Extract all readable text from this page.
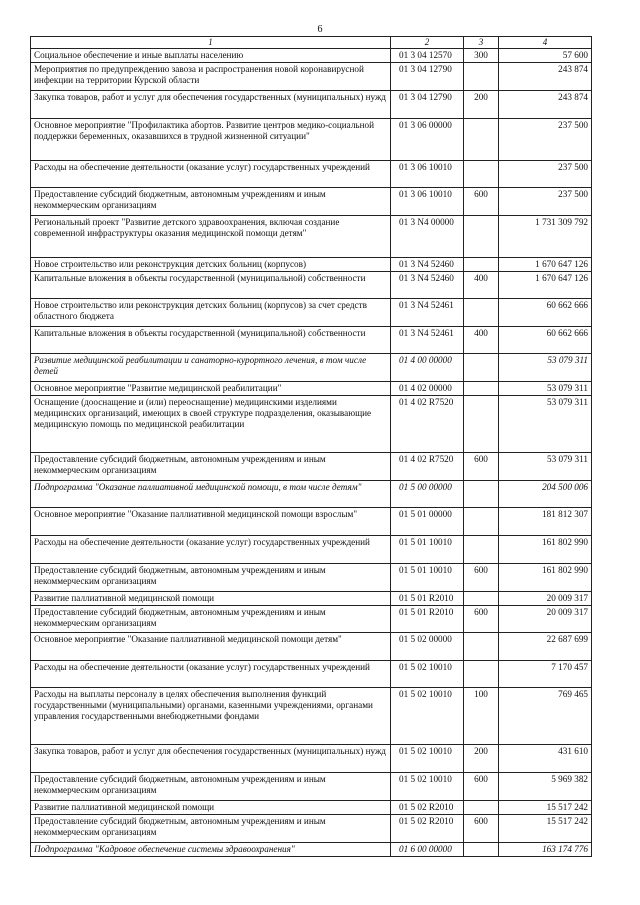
6
1	2	3	4
Социальное обеспечение и иные выплаты населению	01 3 04 12570	300	57 600
Мероприятия по предупреждению завоза и распространения новой коронавирусной инфекции на территории Курской области	01 3 04 12790		243 874
Закупка товаров, работ и услуг для обеспечения государственных (муниципальных) нужд	01 3 04 12790	200	243 874
Основное мероприятие "Профилактика абортов. Развитие центров медико-социальной поддержки беременных, оказавшихся в трудной жизненной ситуации"	01 3 06 00000		237 500
Расходы на обеспечение деятельности (оказание услуг) государственных учреждений	01 3 06 10010		237 500
Предоставление субсидий бюджетным, автономным учреждениям и иным некоммерческим организациям	01 3 06 10010	600	237 500
Региональный проект "Развитие детского здравоохранения, включая создание современной инфраструктуры оказания медицинской помощи детям"	01 3 N4 00000		1 731 309 792
Новое строительство или реконструкция детских больниц (корпусов)	01 3 N4 52460		1 670 647 126
Капитальные вложения в объекты государственной (муниципальной) собственности	01 3 N4 52460	400	1 670 647 126
Новое строительство или реконструкция детских больниц (корпусов) за счет средств областного бюджета	01 3 N4 52461		60 662 666
Капитальные вложения в объекты государственной (муниципальной) собственности	01 3 N4 52461	400	60 662 666
Развитие медицинской реабилитации и санаторно-курортного лечения, в том числе детей	01 4 00 00000		53 079 311
Основное мероприятие "Развитие медицинской реабилитации"	01 4 02 00000		53 079 311
Оснащение (дооснащение и (или) переоснащение) медицинскими изделиями медицинских организаций, имеющих в своей структуре подразделения, оказывающие медицинскую помощь по медицинской реабилитации	01 4 02 R7520		53 079 311
Предоставление субсидий бюджетным, автономным учреждениям и иным некоммерческим организациям	01 4 02 R7520	600	53 079 311
Подпрограмма "Оказание паллиативной медицинской помощи, в том числе детям"	01 5 00 00000		204 500 006
Основное мероприятие "Оказание паллиативной медицинской помощи взрослым"	01 5 01 00000		181 812 307
Расходы на обеспечение деятельности (оказание услуг) государственных учреждений	01 5 01 10010		161 802 990
Предоставление субсидий бюджетным, автономным учреждениям и иным некоммерческим организациям	01 5 01 10010	600	161 802 990
Развитие паллиативной медицинской помощи	01 5 01 R2010		20 009 317
Предоставление субсидий бюджетным, автономным учреждениям и иным некоммерческим организациям	01 5 01 R2010	600	20 009 317
Основное мероприятие "Оказание паллиативной медицинской помощи детям"	01 5 02 00000		22 687 699
Расходы на обеспечение деятельности (оказание услуг) государственных учреждений	01 5 02 10010		7 170 457
Расходы на выплаты персоналу в целях обеспечения выполнения функций государственными (муниципальными) органами, казенными учреждениями, органами управления государственными внебюджетными фондами	01 5 02 10010	100	769 465
Закупка товаров, работ и услуг для обеспечения государственных (муниципальных) нужд	01 5 02 10010	200	431 610
Предоставление субсидий бюджетным, автономным учреждениям и иным некоммерческим организациям	01 5 02 10010	600	5 969 382
Развитие паллиативной медицинской помощи	01 5 02 R2010		15 517 242
Предоставление субсидий бюджетным, автономным учреждениям и иным некоммерческим организациям	01 5 02 R2010	600	15 517 242
Подпрограмма "Кадровое обеспечение системы здравоохранения"	01 6 00 00000		163 174 776
